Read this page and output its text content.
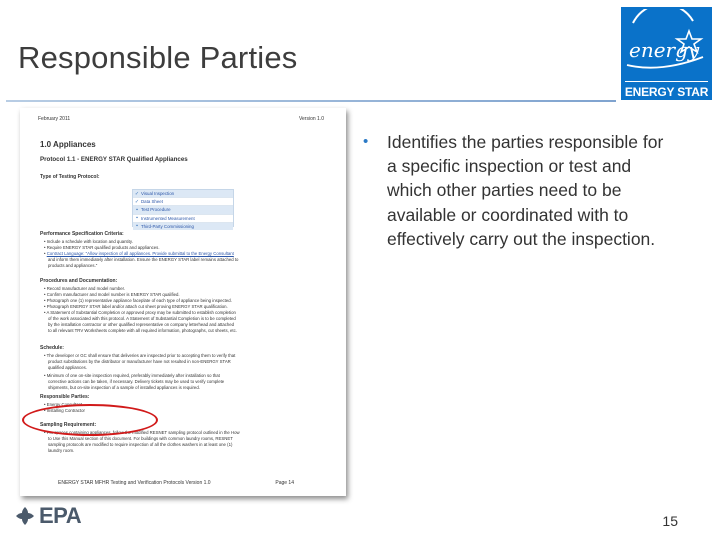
Responsible Parties	energy
ENERGY STAR
February 2011	Version 1.0
1.0 Appliances
Protocol 1.1 - ENERGY STAR Qualified Appliances
Type of Testing Protocol:
✓ Visual Inspection
✓ Data Sheet
▪ Test Procedure
▪ Instrumented Measurement
▪ Third-Party Commissioning
Performance Specification Criteria:
• Include a schedule with location and quantity.
• Require ENERGY STAR qualified products and appliances.
• Contract Language: "Allow inspection of all appliances. Provide submittal to the Energy Consultant
and inform them immediately after installation. Ensure the ENERGY STAR label remains attached to
products and appliances."
Procedures and Documentation:
• Record manufacturer and model number.
• Confirm manufacturer and model number is ENERGY STAR qualified.
• Photograph one (1) representative appliance faceplate of each type of appliance being inspected.
• Photograph ENERGY STAR label and/or attach cut sheet proving ENERGY STAR qualification.
• A Statement of Substantial Completion or approved proxy may be submitted to establish completion
of the work associated with this protocol. A Statement of Substantial Completion is to be completed
by the installation contractor or other qualified representative on company letterhead and attached
to all relevant TRV Worksheets complete with all required information, photographs, cut sheets, etc.
Schedule:
• The developer or GC shall ensure that deliveries are inspected prior to accepting them to verify that
product substitutions by the distributor or manufacturer have not resulted in non-ENERGY STAR
qualified appliances.
• Minimum of one on-site inspection required, preferably immediately after installation so that
corrective actions can be taken, if necessary. Delivery tickets may be used to verify complete
shipments, but on-site inspection of a sample of installed appliances is required.
Responsible Parties:
• Energy Consultant
• Installing Contractor
Sampling Requirement:
• For spaces containing appliances, follow the modified RESNET sampling protocol outlined in the How
to Use this Manual section of this document. For buildings with common laundry rooms, RESNET
sampling protocols are modified to require inspection of all the clothes washers in at least one (1)
laundry room.
ENERGY STAR MFHR Testing and Verification Protocols Version 1.0	Page 14
• Identifies the parties responsible for a specific inspection or test and which other parties need to be available or coordinated with to effectively carry out the inspection.
EPA	15
